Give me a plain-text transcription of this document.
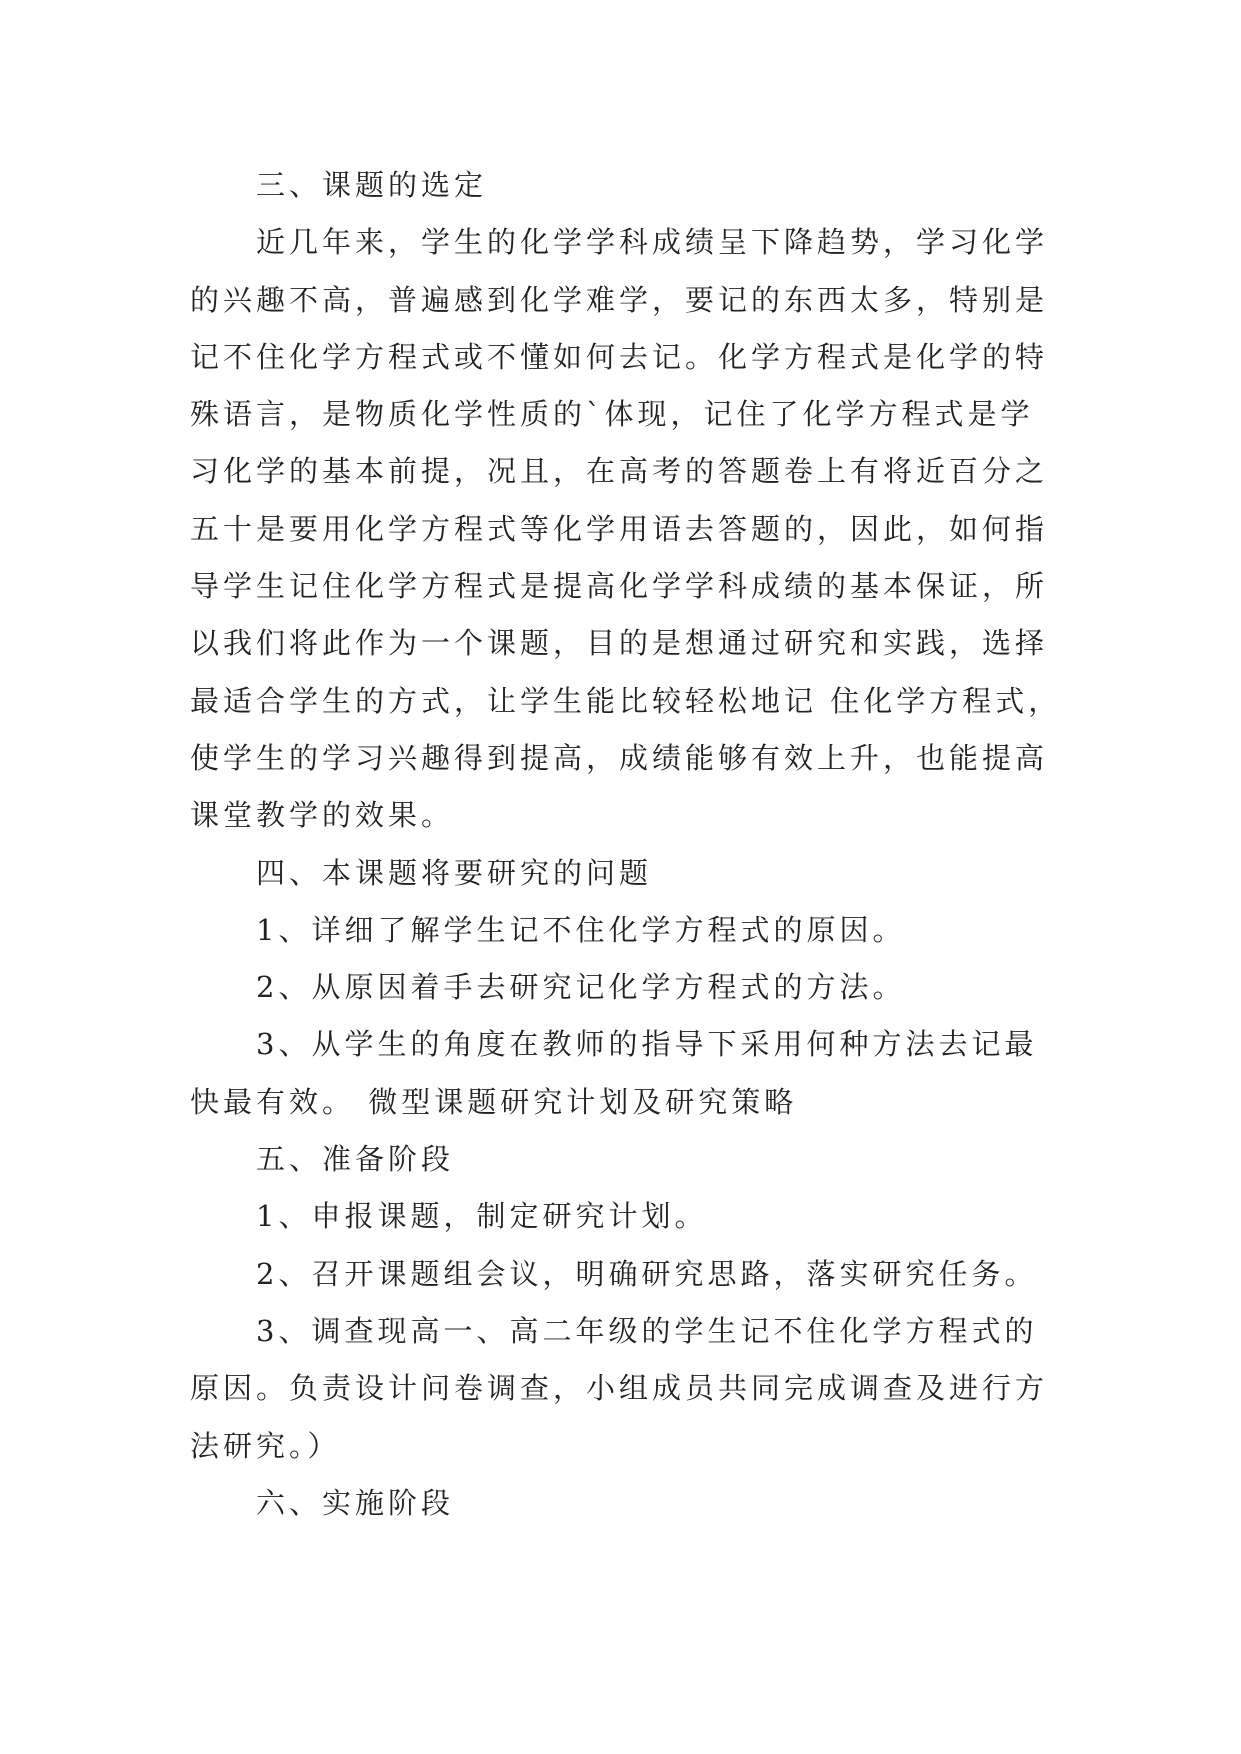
三、课题的选定
近几年来，学生的化学学科成绩呈下降趋势，学习化学
的兴趣不高，普遍感到化学难学，要记的东西太多，特别是
记不住化学方程式或不懂如何去记。化学方程式是化学的特
殊语言，是物质化学性质的`体现，记住了化学方程式是学
习化学的基本前提，况且，在高考的答题卷上有将近百分之
五十是要用化学方程式等化学用语去答题的，因此，如何指
导学生记住化学方程式是提高化学学科成绩的基本保证，所
以我们将此作为一个课题，目的是想通过研究和实践，选择
最适合学生的方式，让学生能比较轻松地记 住化学方程式，
使学生的学习兴趣得到提高，成绩能够有效上升，也能提高
课堂教学的效果。
四、本课题将要研究的问题
1、详细了解学生记不住化学方程式的原因。
2、从原因着手去研究记化学方程式的方法。
3、从学生的角度在教师的指导下采用何种方法去记最
快最有效。 微型课题研究计划及研究策略
五、准备阶段
1、申报课题，制定研究计划。
2、召开课题组会议，明确研究思路，落实研究任务。
3、调查现高一、高二年级的学生记不住化学方程式的
原因。负责设计问卷调查，小组成员共同完成调查及进行方
法研究。）
六、实施阶段
